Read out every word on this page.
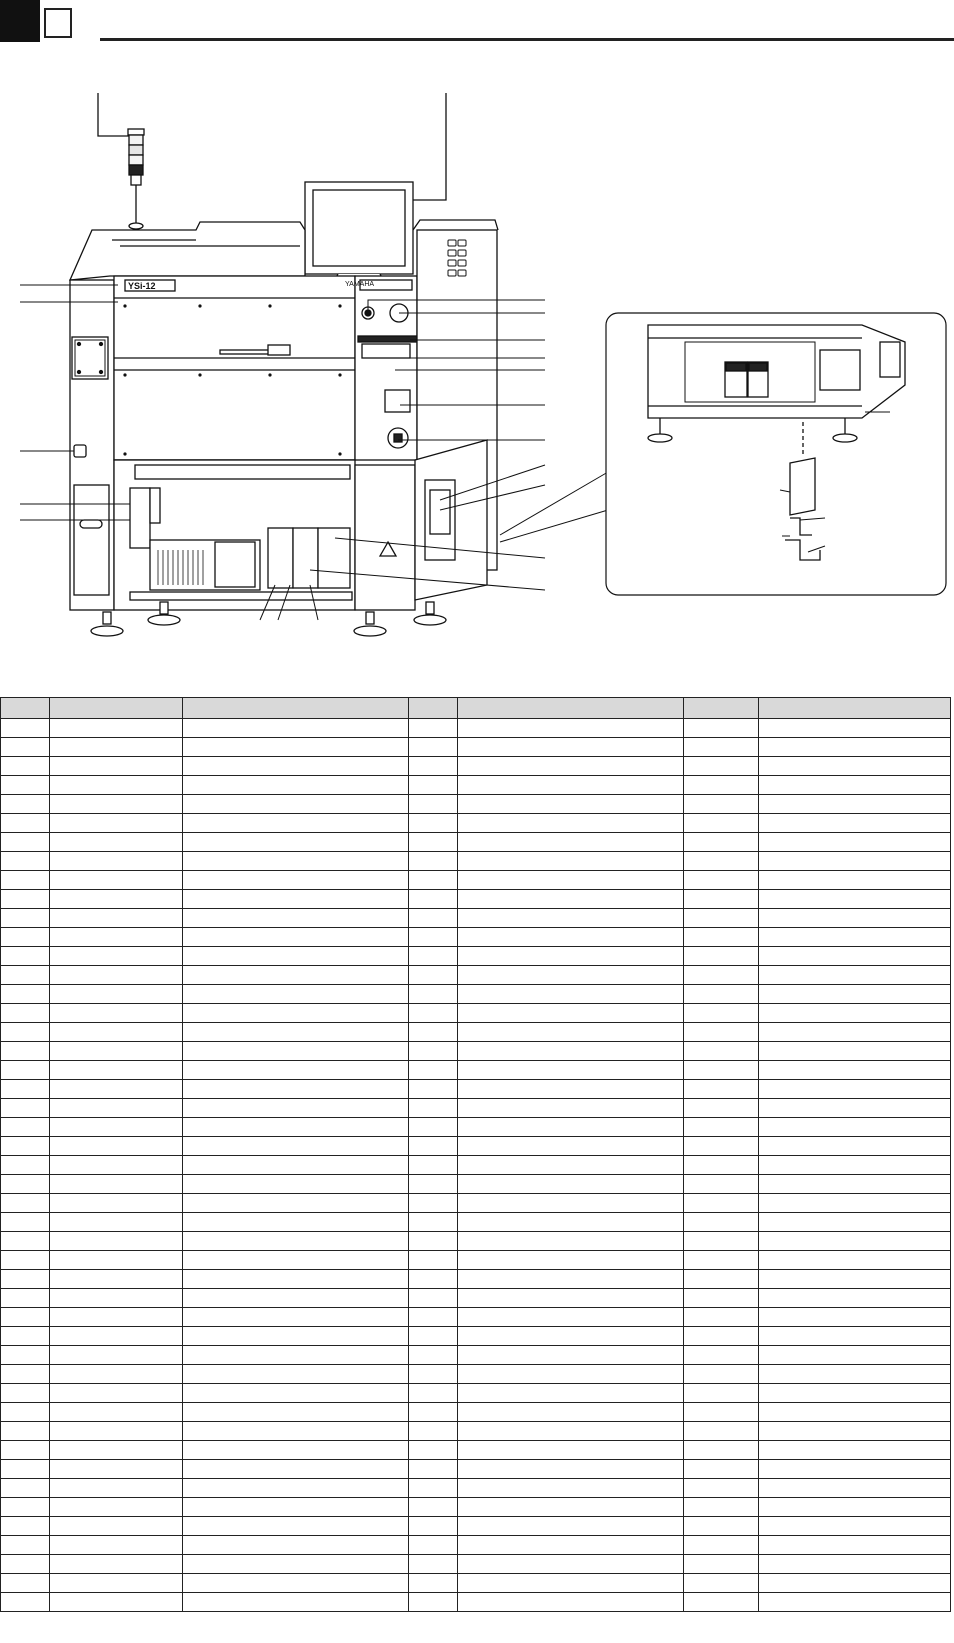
YSi-12	YAMAHA
